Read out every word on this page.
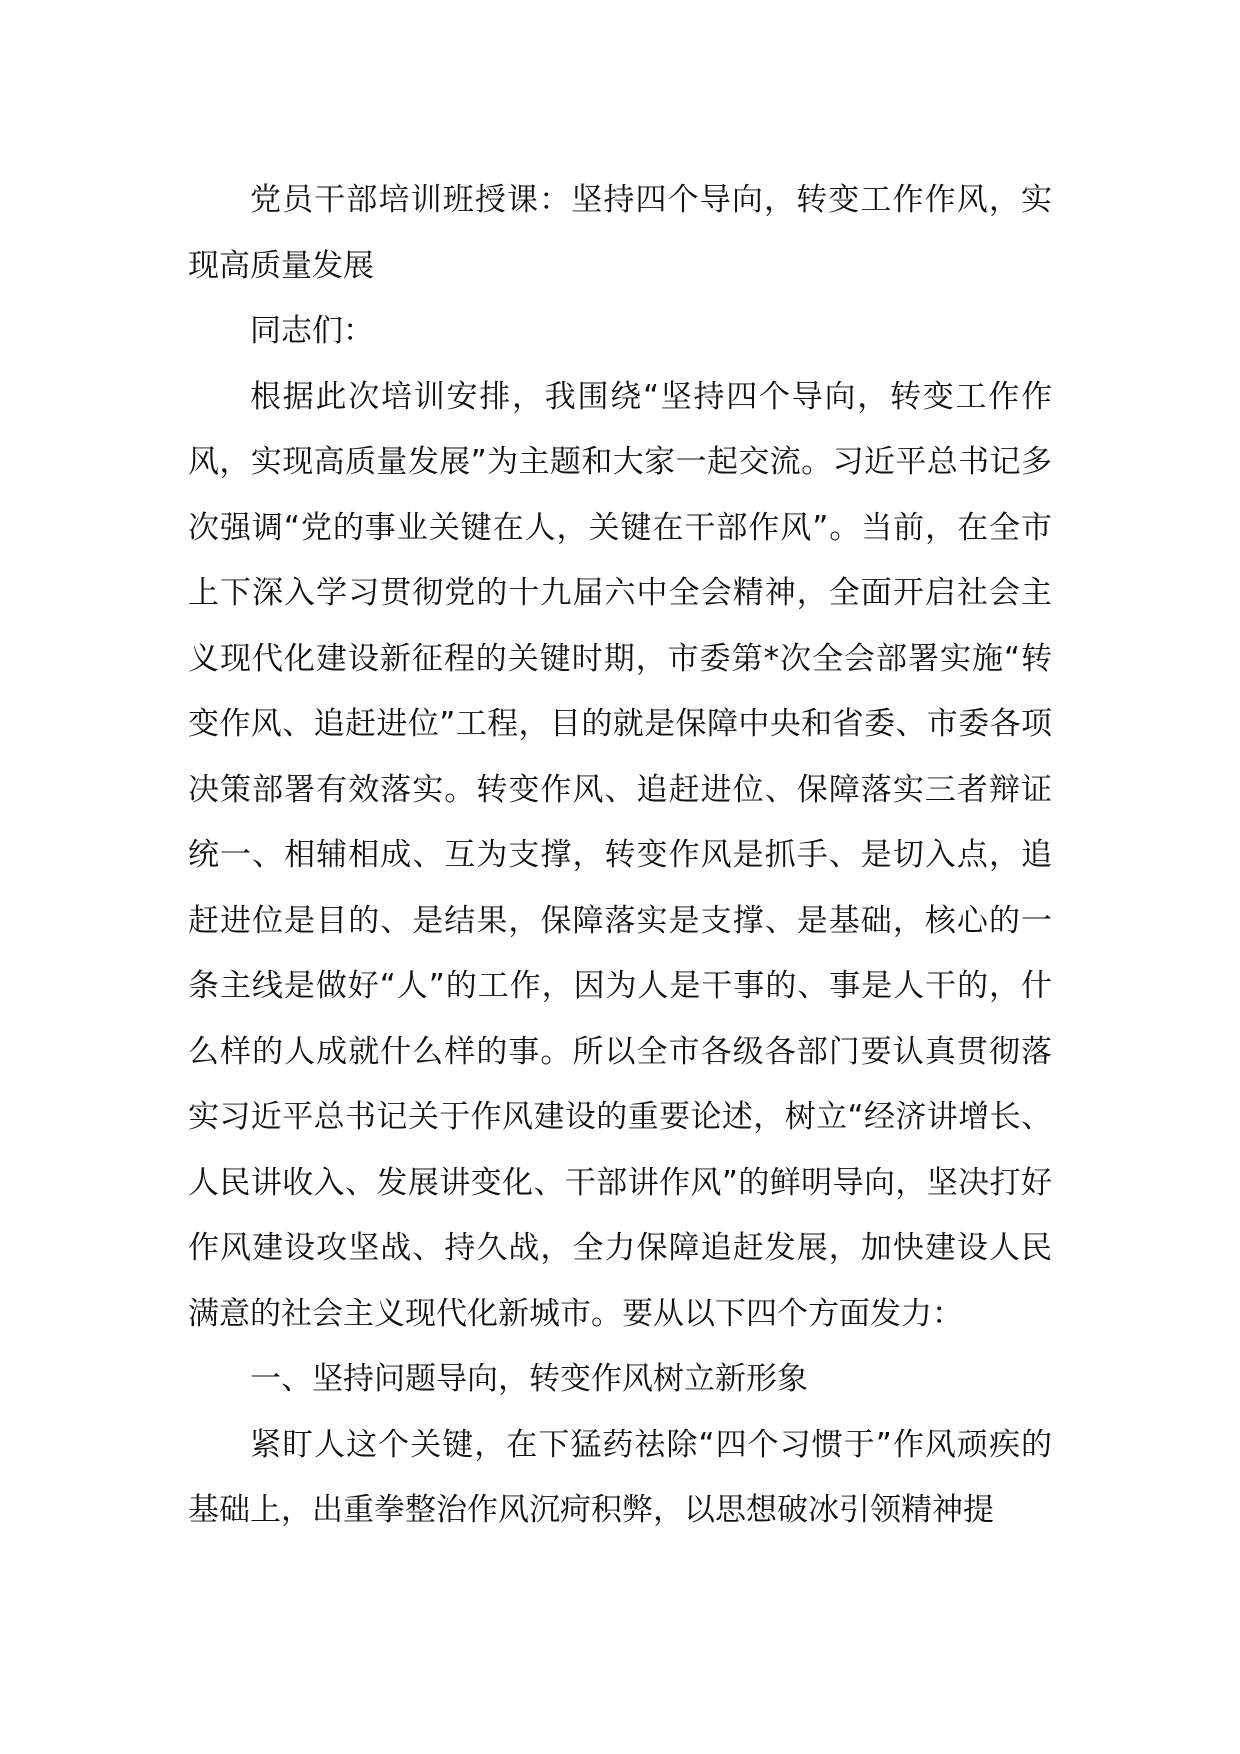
党员干部培训班授课：坚持四个导向，转变工作作风，实现高质量发展

同志们：

根据此次培训安排，我围绕“坚持四个导向，转变工作作风，实现高质量发展”为主题和大家一起交流。习近平总书记多次强调“党的事业关键在人，关键在干部作风”。当前，在全市上下深入学习贯彻党的十九届六中全会精神，全面开启社会主义现代化建设新征程的关键时期，市委第*次全会部署实施“转变作风、追赶进位”工程，目的就是保障中央和省委、市委各项决策部署有效落实。转变作风、追赶进位、保障落实三者辩证统一、相辅相成、互为支撑，转变作风是抓手、是切入点，追赶进位是目的、是结果，保障落实是支撑、是基础，核心的一条主线是做好“人”的工作，因为人是干事的、事是人干的，什么样的人成就什么样的事。所以全市各级各部门要认真贯彻落实习近平总书记关于作风建设的重要论述，树立“经济讲增长、人民讲收入、发展讲变化、干部讲作风”的鲜明导向，坚决打好作风建设攻坚战、持久战，全力保障追赶发展，加快建设人民满意的社会主义现代化新城市。要从以下四个方面发力：

一、坚持问题导向，转变作风树立新形象

紧盯人这个关键，在下猛药祛除“四个习惯于”作风顽疾的基础上，出重拳整治作风沉疴积弊，以思想破冰引领精神提
